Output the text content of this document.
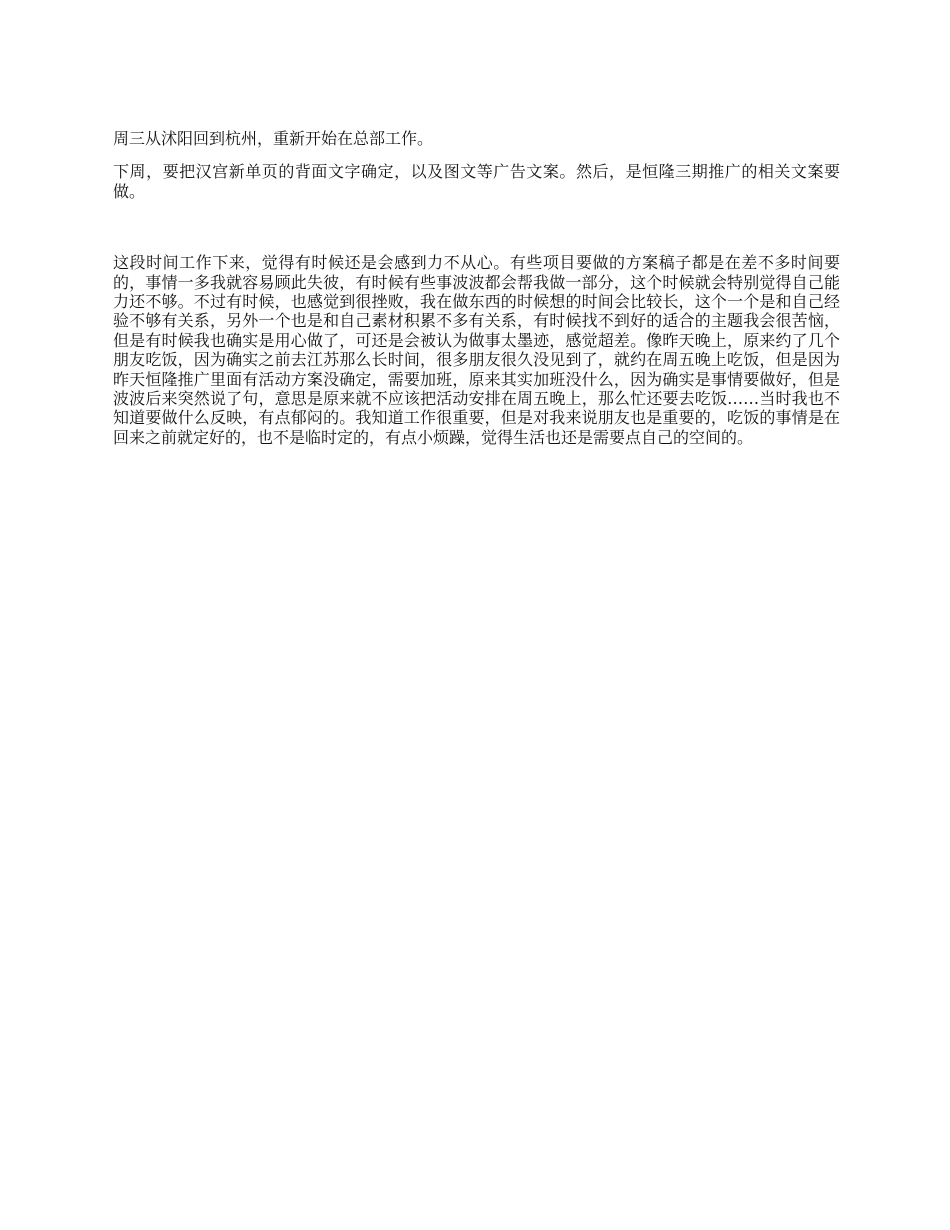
周三从沭阳回到杭州，重新开始在总部工作。

下周，要把汉宫新单页的背面文字确定，以及图文等广告文案。然后，是恒隆三期推广的相关文案要做。

这段时间工作下来，觉得有时候还是会感到力不从心。有些项目要做的方案稿子都是在差不多时间要的，事情一多我就容易顾此失彼，有时候有些事波波都会帮我做一部分，这个时候就会特别觉得自己能力还不够。不过有时候，也感觉到很挫败，我在做东西的时候想的时间会比较长，这个一个是和自己经验不够有关系，另外一个也是和自己素材积累不多有关系，有时候找不到好的适合的主题我会很苦恼，但是有时候我也确实是用心做了，可还是会被认为做事太墨迹，感觉超差。像昨天晚上，原来约了几个朋友吃饭，因为确实之前去江苏那么长时间，很多朋友很久没见到了，就约在周五晚上吃饭，但是因为昨天恒隆推广里面有活动方案没确定，需要加班，原来其实加班没什么，因为确实是事情要做好，但是波波后来突然说了句，意思是原来就不应该把活动安排在周五晚上，那么忙还要去吃饭……当时我也不知道要做什么反映，有点郁闷的。我知道工作很重要，但是对我来说朋友也是重要的，吃饭的事情是在回来之前就定好的，也不是临时定的，有点小烦躁，觉得生活也还是需要点自己的空间的。
